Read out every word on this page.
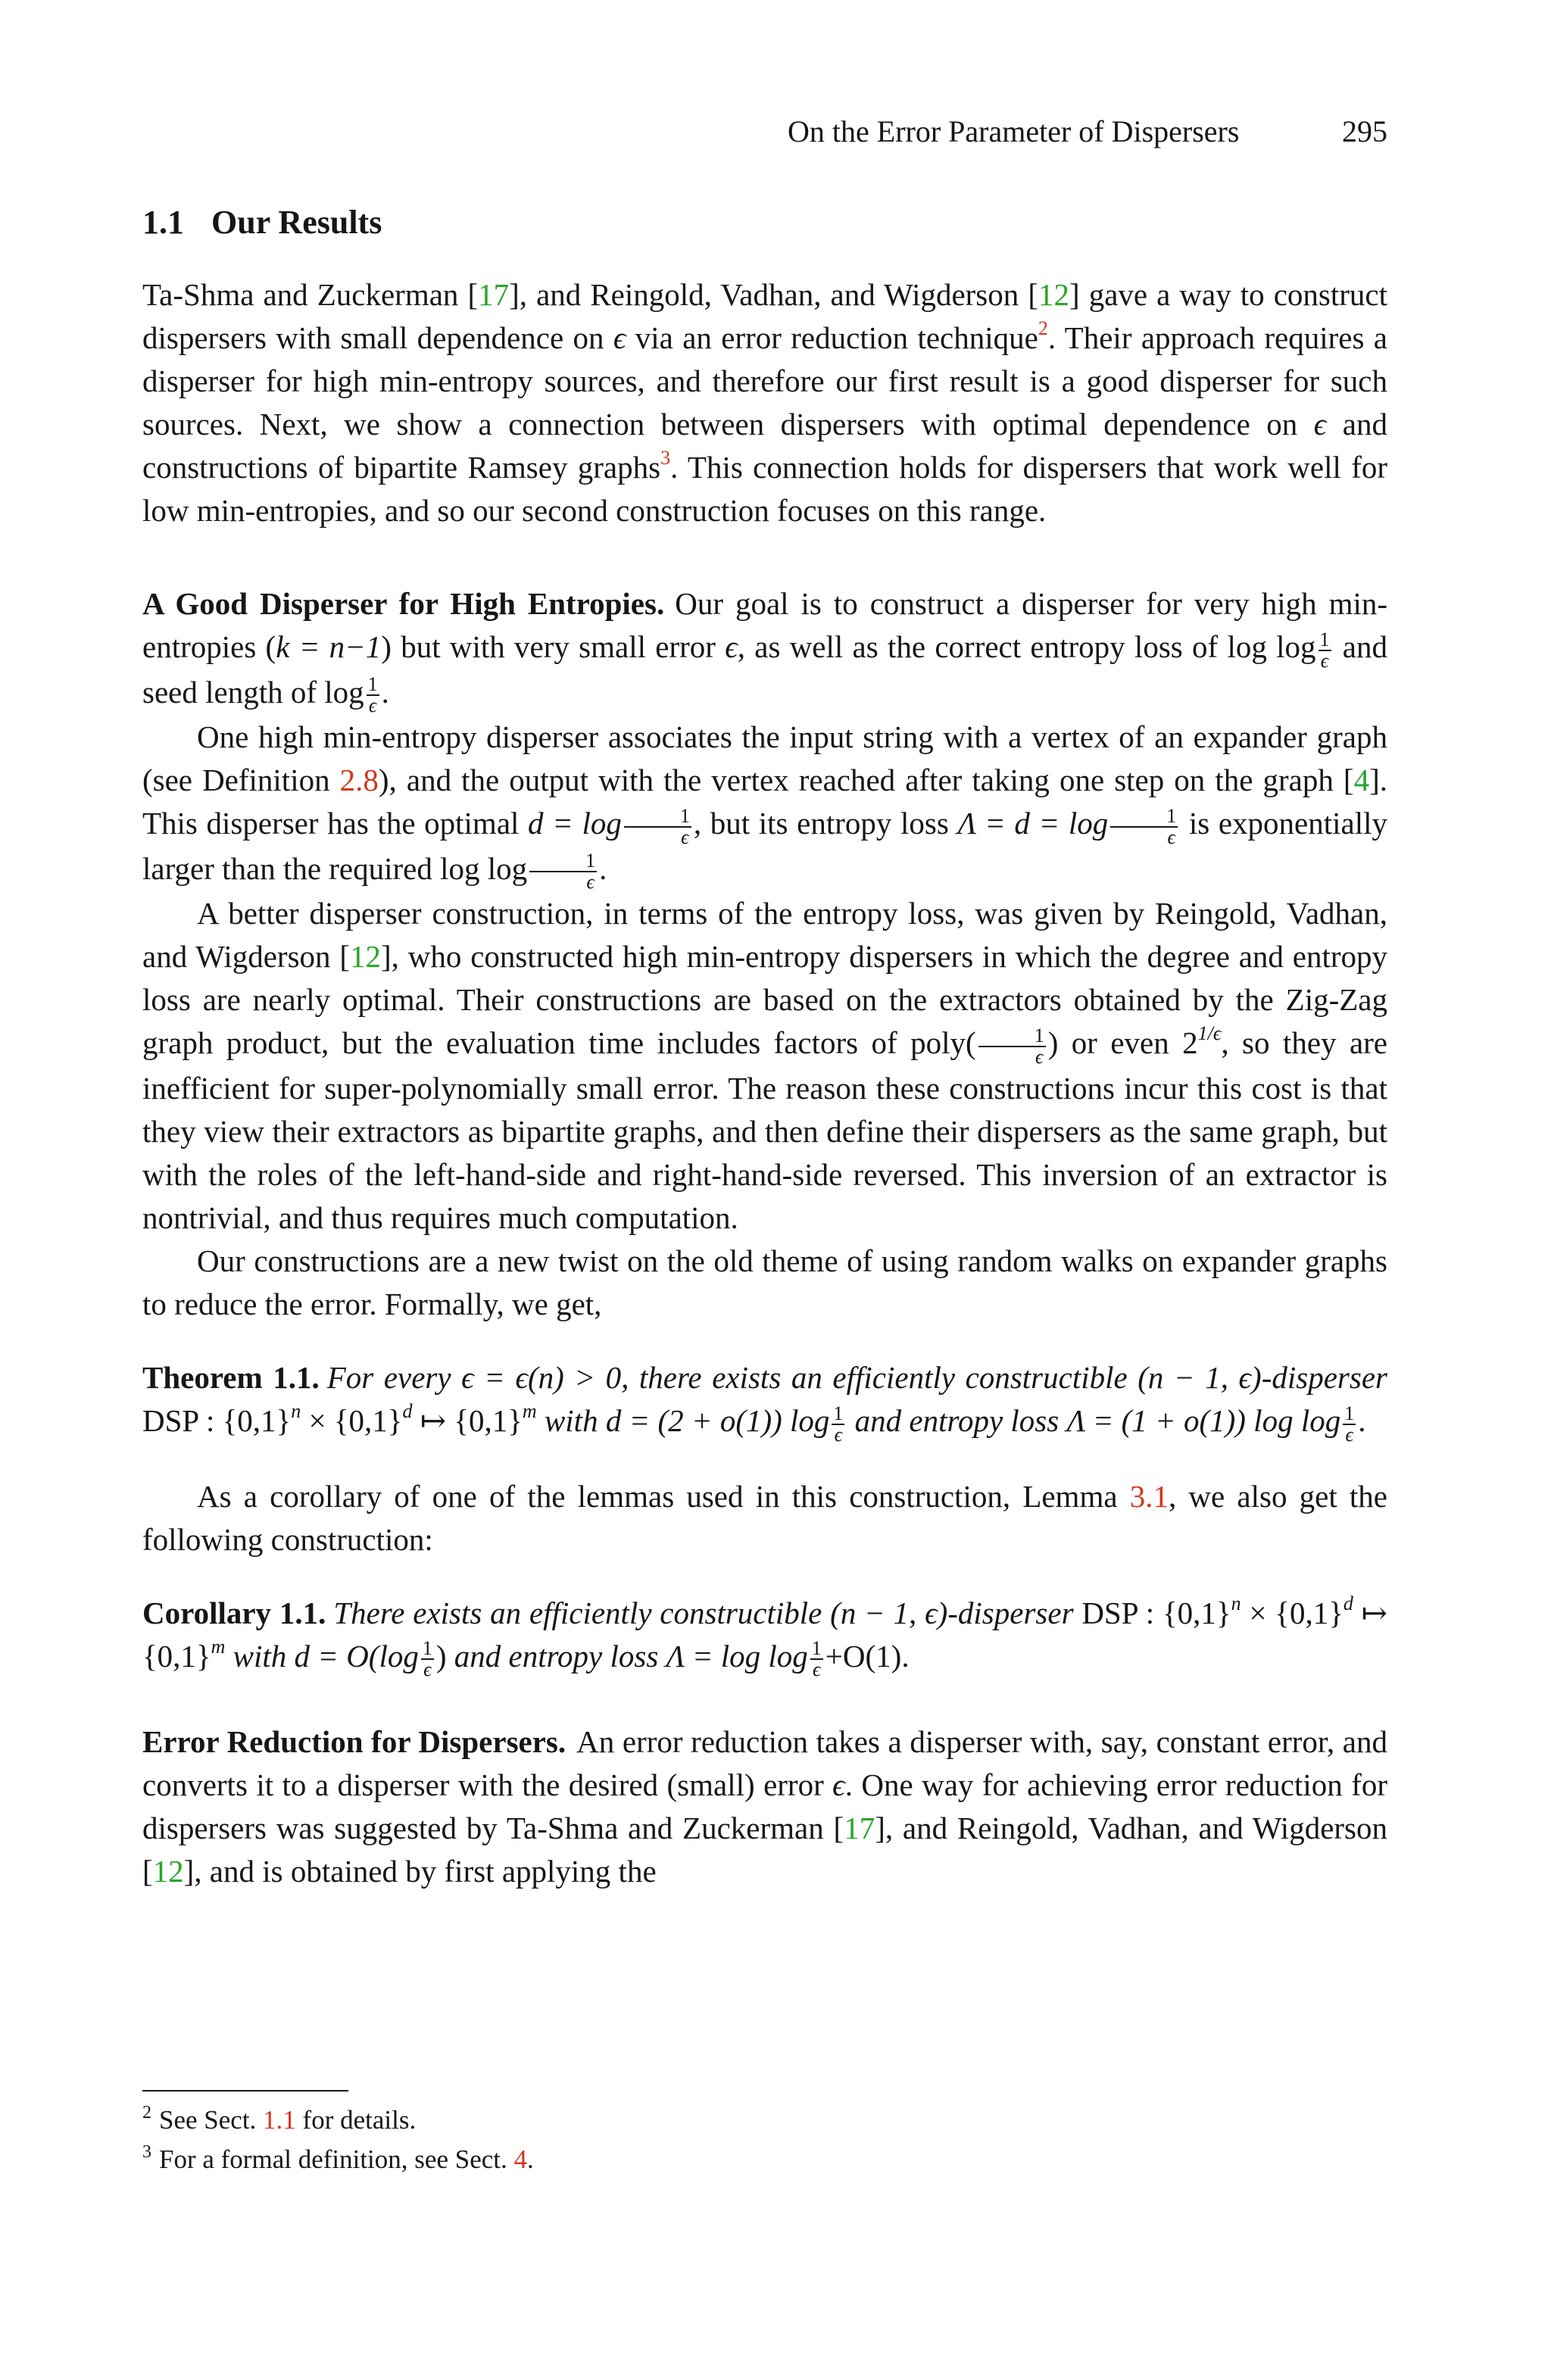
On the Error Parameter of Dispersers	295
1.1 Our Results

Ta-Shma and Zuckerman [17], and Reingold, Vadhan, and Wigderson [12] gave a way to construct dispersers with small dependence on ϵ via an error reduction technique$^2$. Their approach requires a disperser for high min-entropy sources, and therefore our first result is a good disperser for such sources. Next, we show a connection between dispersers with optimal dependence on ϵ and constructions of bipartite Ramsey graphs$^3$. This connection holds for dispersers that work well for low min-entropies, and so our second construction focuses on this range.

A Good Disperser for High Entropies. Our goal is to construct a disperser for very high min-entropies (k = n−1) but with very small error ϵ, as well as the correct entropy loss of $\log \log \frac{1}{\epsilon}$ and seed length of $\log \frac{1}{\epsilon}$ .

One high min-entropy disperser associates the input string with a vertex of an expander graph (see Definition 2.8), and the output with the vertex reached after taking one step on the graph [4]. This disperser has the optimal $d = \log \frac{1}{\epsilon}$ , but its entropy loss $\Lambda = d = \log \frac{1}{\epsilon}$ is exponentially larger than the required $\log \log \frac{1}{\epsilon}$ .

A better disperser construction, in terms of the entropy loss, was given by Reingold, Vadhan, and Wigderson [12], who constructed high min-entropy dispersers in which the degree and entropy loss are nearly optimal. Their constructions are based on the extractors obtained by the Zig-Zag graph product, but the evaluation time includes factors of poly( $\frac{1}{\epsilon}$ ) or even $2^{1/\epsilon}$, so they are inefficient for super-polynomially small error. The reason these constructions incur this cost is that they view their extractors as bipartite graphs, and then define their dispersers as the same graph, but with the roles of the left-hand-side and right-hand-side reversed. This inversion of an extractor is nontrivial, and thus requires much computation.

Our constructions are a new twist on the old theme of using random walks on expander graphs to reduce the error. Formally, we get,

Theorem 1.1. For every ϵ = ϵ(n) > 0, there exists an efficiently constructible (n − 1, ϵ)-disperser DSP : $\{0,1\}^n \times \{0,1\}^d$ ↦ $\{0,1\}^m$ with d = (2 + o(1)) $\log \frac{1}{\epsilon}$ and entropy loss Λ = (1 + o(1)) $\log \log \frac{1}{\epsilon}$ .

As a corollary of one of the lemmas used in this construction, Lemma 3.1, we also get the following construction:

Corollary 1.1. There exists an efficiently constructible (n − 1, ϵ)-disperser DSP : $\{0,1\}^n \times \{0,1\}^d$ ↦ $\{0,1\}^m$ with $d = O(\log \frac{1}{\epsilon}$ ) and entropy loss $\Lambda = \log \log \frac{1}{\epsilon} +O(1)$.

Error Reduction for Dispersers. An error reduction takes a disperser with, say, constant error, and converts it to a disperser with the desired (small) error ϵ. One way for achieving error reduction for dispersers was suggested by Ta-Shma and Zuckerman [17], and Reingold, Vadhan, and Wigderson [12], and is obtained by first applying the

$^2$ See Sect. 1.1 for details.
$^3$ For a formal definition, see Sect. 4.
